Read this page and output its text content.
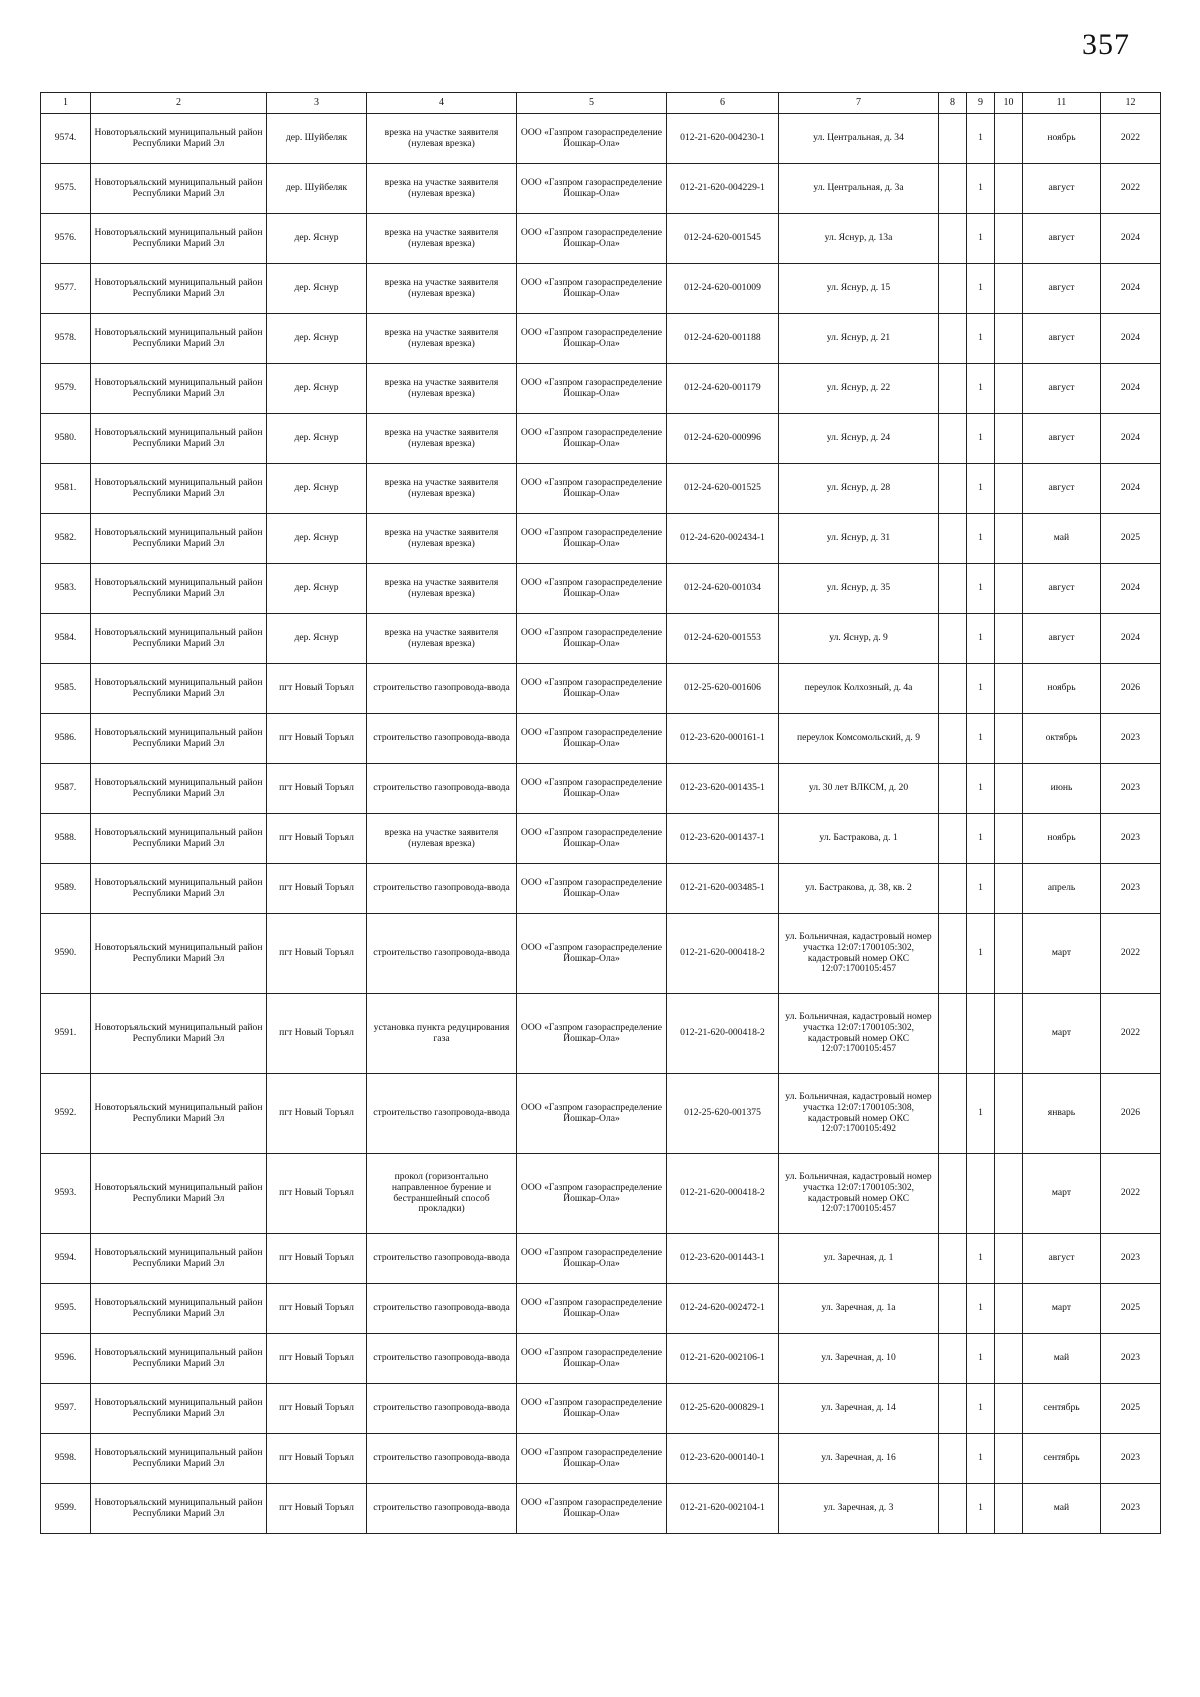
357
1	2	3	4	5	6	7	8	9	10	11	12
9574.	Новоторъяльский муниципальный район Республики Марий Эл	дер. Шуйбеляк	врезка на участке заявителя (нулевая врезка)	ООО «Газпром газораспределение Йошкар-Ола»	012-21-620-004230-1	ул. Центральная, д. 34		1		ноябрь	2022
9575.	Новоторъяльский муниципальный район Республики Марий Эл	дер. Шуйбеляк	врезка на участке заявителя (нулевая врезка)	ООО «Газпром газораспределение Йошкар-Ола»	012-21-620-004229-1	ул. Центральная, д. 3а		1		август	2022
9576.	Новоторъяльский муниципальный район Республики Марий Эл	дер. Яснур	врезка на участке заявителя (нулевая врезка)	ООО «Газпром газораспределение Йошкар-Ола»	012-24-620-001545	ул. Яснур, д. 13а		1		август	2024
9577.	Новоторъяльский муниципальный район Республики Марий Эл	дер. Яснур	врезка на участке заявителя (нулевая врезка)	ООО «Газпром газораспределение Йошкар-Ола»	012-24-620-001009	ул. Яснур, д. 15		1		август	2024
9578.	Новоторъяльский муниципальный район Республики Марий Эл	дер. Яснур	врезка на участке заявителя (нулевая врезка)	ООО «Газпром газораспределение Йошкар-Ола»	012-24-620-001188	ул. Яснур, д. 21		1		август	2024
9579.	Новоторъяльский муниципальный район Республики Марий Эл	дер. Яснур	врезка на участке заявителя (нулевая врезка)	ООО «Газпром газораспределение Йошкар-Ола»	012-24-620-001179	ул. Яснур, д. 22		1		август	2024
9580.	Новоторъяльский муниципальный район Республики Марий Эл	дер. Яснур	врезка на участке заявителя (нулевая врезка)	ООО «Газпром газораспределение Йошкар-Ола»	012-24-620-000996	ул. Яснур, д. 24		1		август	2024
9581.	Новоторъяльский муниципальный район Республики Марий Эл	дер. Яснур	врезка на участке заявителя (нулевая врезка)	ООО «Газпром газораспределение Йошкар-Ола»	012-24-620-001525	ул. Яснур, д. 28		1		август	2024
9582.	Новоторъяльский муниципальный район Республики Марий Эл	дер. Яснур	врезка на участке заявителя (нулевая врезка)	ООО «Газпром газораспределение Йошкар-Ола»	012-24-620-002434-1	ул. Яснур, д. 31		1		май	2025
9583.	Новоторъяльский муниципальный район Республики Марий Эл	дер. Яснур	врезка на участке заявителя (нулевая врезка)	ООО «Газпром газораспределение Йошкар-Ола»	012-24-620-001034	ул. Яснур, д. 35		1		август	2024
9584.	Новоторъяльский муниципальный район Республики Марий Эл	дер. Яснур	врезка на участке заявителя (нулевая врезка)	ООО «Газпром газораспределение Йошкар-Ола»	012-24-620-001553	ул. Яснур, д. 9		1		август	2024
9585.	Новоторъяльский муниципальный район Республики Марий Эл	пгт Новый Торъял	строительство газопровода-ввода	ООО «Газпром газораспределение Йошкар-Ола»	012-25-620-001606	переулок Колхозный, д. 4а		1		ноябрь	2026
9586.	Новоторъяльский муниципальный район Республики Марий Эл	пгт Новый Торъял	строительство газопровода-ввода	ООО «Газпром газораспределение Йошкар-Ола»	012-23-620-000161-1	переулок Комсомольский, д. 9		1		октябрь	2023
9587.	Новоторъяльский муниципальный район Республики Марий Эл	пгт Новый Торъял	строительство газопровода-ввода	ООО «Газпром газораспределение Йошкар-Ола»	012-23-620-001435-1	ул. 30 лет ВЛКСМ, д. 20		1		июнь	2023
9588.	Новоторъяльский муниципальный район Республики Марий Эл	пгт Новый Торъял	врезка на участке заявителя (нулевая врезка)	ООО «Газпром газораспределение Йошкар-Ола»	012-23-620-001437-1	ул. Бастракова, д. 1		1		ноябрь	2023
9589.	Новоторъяльский муниципальный район Республики Марий Эл	пгт Новый Торъял	строительство газопровода-ввода	ООО «Газпром газораспределение Йошкар-Ола»	012-21-620-003485-1	ул. Бастракова, д. 38, кв. 2		1		апрель	2023
9590.	Новоторъяльский муниципальный район Республики Марий Эл	пгт Новый Торъял	строительство газопровода-ввода	ООО «Газпром газораспределение Йошкар-Ола»	012-21-620-000418-2	ул. Больничная, кадастровый номер участка 12:07:1700105:302, кадастровый номер ОКС 12:07:1700105:457		1		март	2022
9591.	Новоторъяльский муниципальный район Республики Марий Эл	пгт Новый Торъял	установка пункта редуцирования газа	ООО «Газпром газораспределение Йошкар-Ола»	012-21-620-000418-2	ул. Больничная, кадастровый номер участка 12:07:1700105:302, кадастровый номер ОКС 12:07:1700105:457				март	2022
9592.	Новоторъяльский муниципальный район Республики Марий Эл	пгт Новый Торъял	строительство газопровода-ввода	ООО «Газпром газораспределение Йошкар-Ола»	012-25-620-001375	ул. Больничная, кадастровый номер участка 12:07:1700105:308, кадастровый номер ОКС 12:07:1700105:492		1		январь	2026
9593.	Новоторъяльский муниципальный район Республики Марий Эл	пгт Новый Торъял	прокол (горизонтально направленное бурение и бестраншейный способ прокладки)	ООО «Газпром газораспределение Йошкар-Ола»	012-21-620-000418-2	ул. Больничная, кадастровый номер участка 12:07:1700105:302, кадастровый номер ОКС 12:07:1700105:457				март	2022
9594.	Новоторъяльский муниципальный район Республики Марий Эл	пгт Новый Торъял	строительство газопровода-ввода	ООО «Газпром газораспределение Йошкар-Ола»	012-23-620-001443-1	ул. Заречная, д. 1		1		август	2023
9595.	Новоторъяльский муниципальный район Республики Марий Эл	пгт Новый Торъял	строительство газопровода-ввода	ООО «Газпром газораспределение Йошкар-Ола»	012-24-620-002472-1	ул. Заречная, д. 1а		1		март	2025
9596.	Новоторъяльский муниципальный район Республики Марий Эл	пгт Новый Торъял	строительство газопровода-ввода	ООО «Газпром газораспределение Йошкар-Ола»	012-21-620-002106-1	ул. Заречная, д. 10		1		май	2023
9597.	Новоторъяльский муниципальный район Республики Марий Эл	пгт Новый Торъял	строительство газопровода-ввода	ООО «Газпром газораспределение Йошкар-Ола»	012-25-620-000829-1	ул. Заречная, д. 14		1		сентябрь	2025
9598.	Новоторъяльский муниципальный район Республики Марий Эл	пгт Новый Торъял	строительство газопровода-ввода	ООО «Газпром газораспределение Йошкар-Ола»	012-23-620-000140-1	ул. Заречная, д. 16		1		сентябрь	2023
9599.	Новоторъяльский муниципальный район Республики Марий Эл	пгт Новый Торъял	строительство газопровода-ввода	ООО «Газпром газораспределение Йошкар-Ола»	012-21-620-002104-1	ул. Заречная, д. 3		1		май	2023
